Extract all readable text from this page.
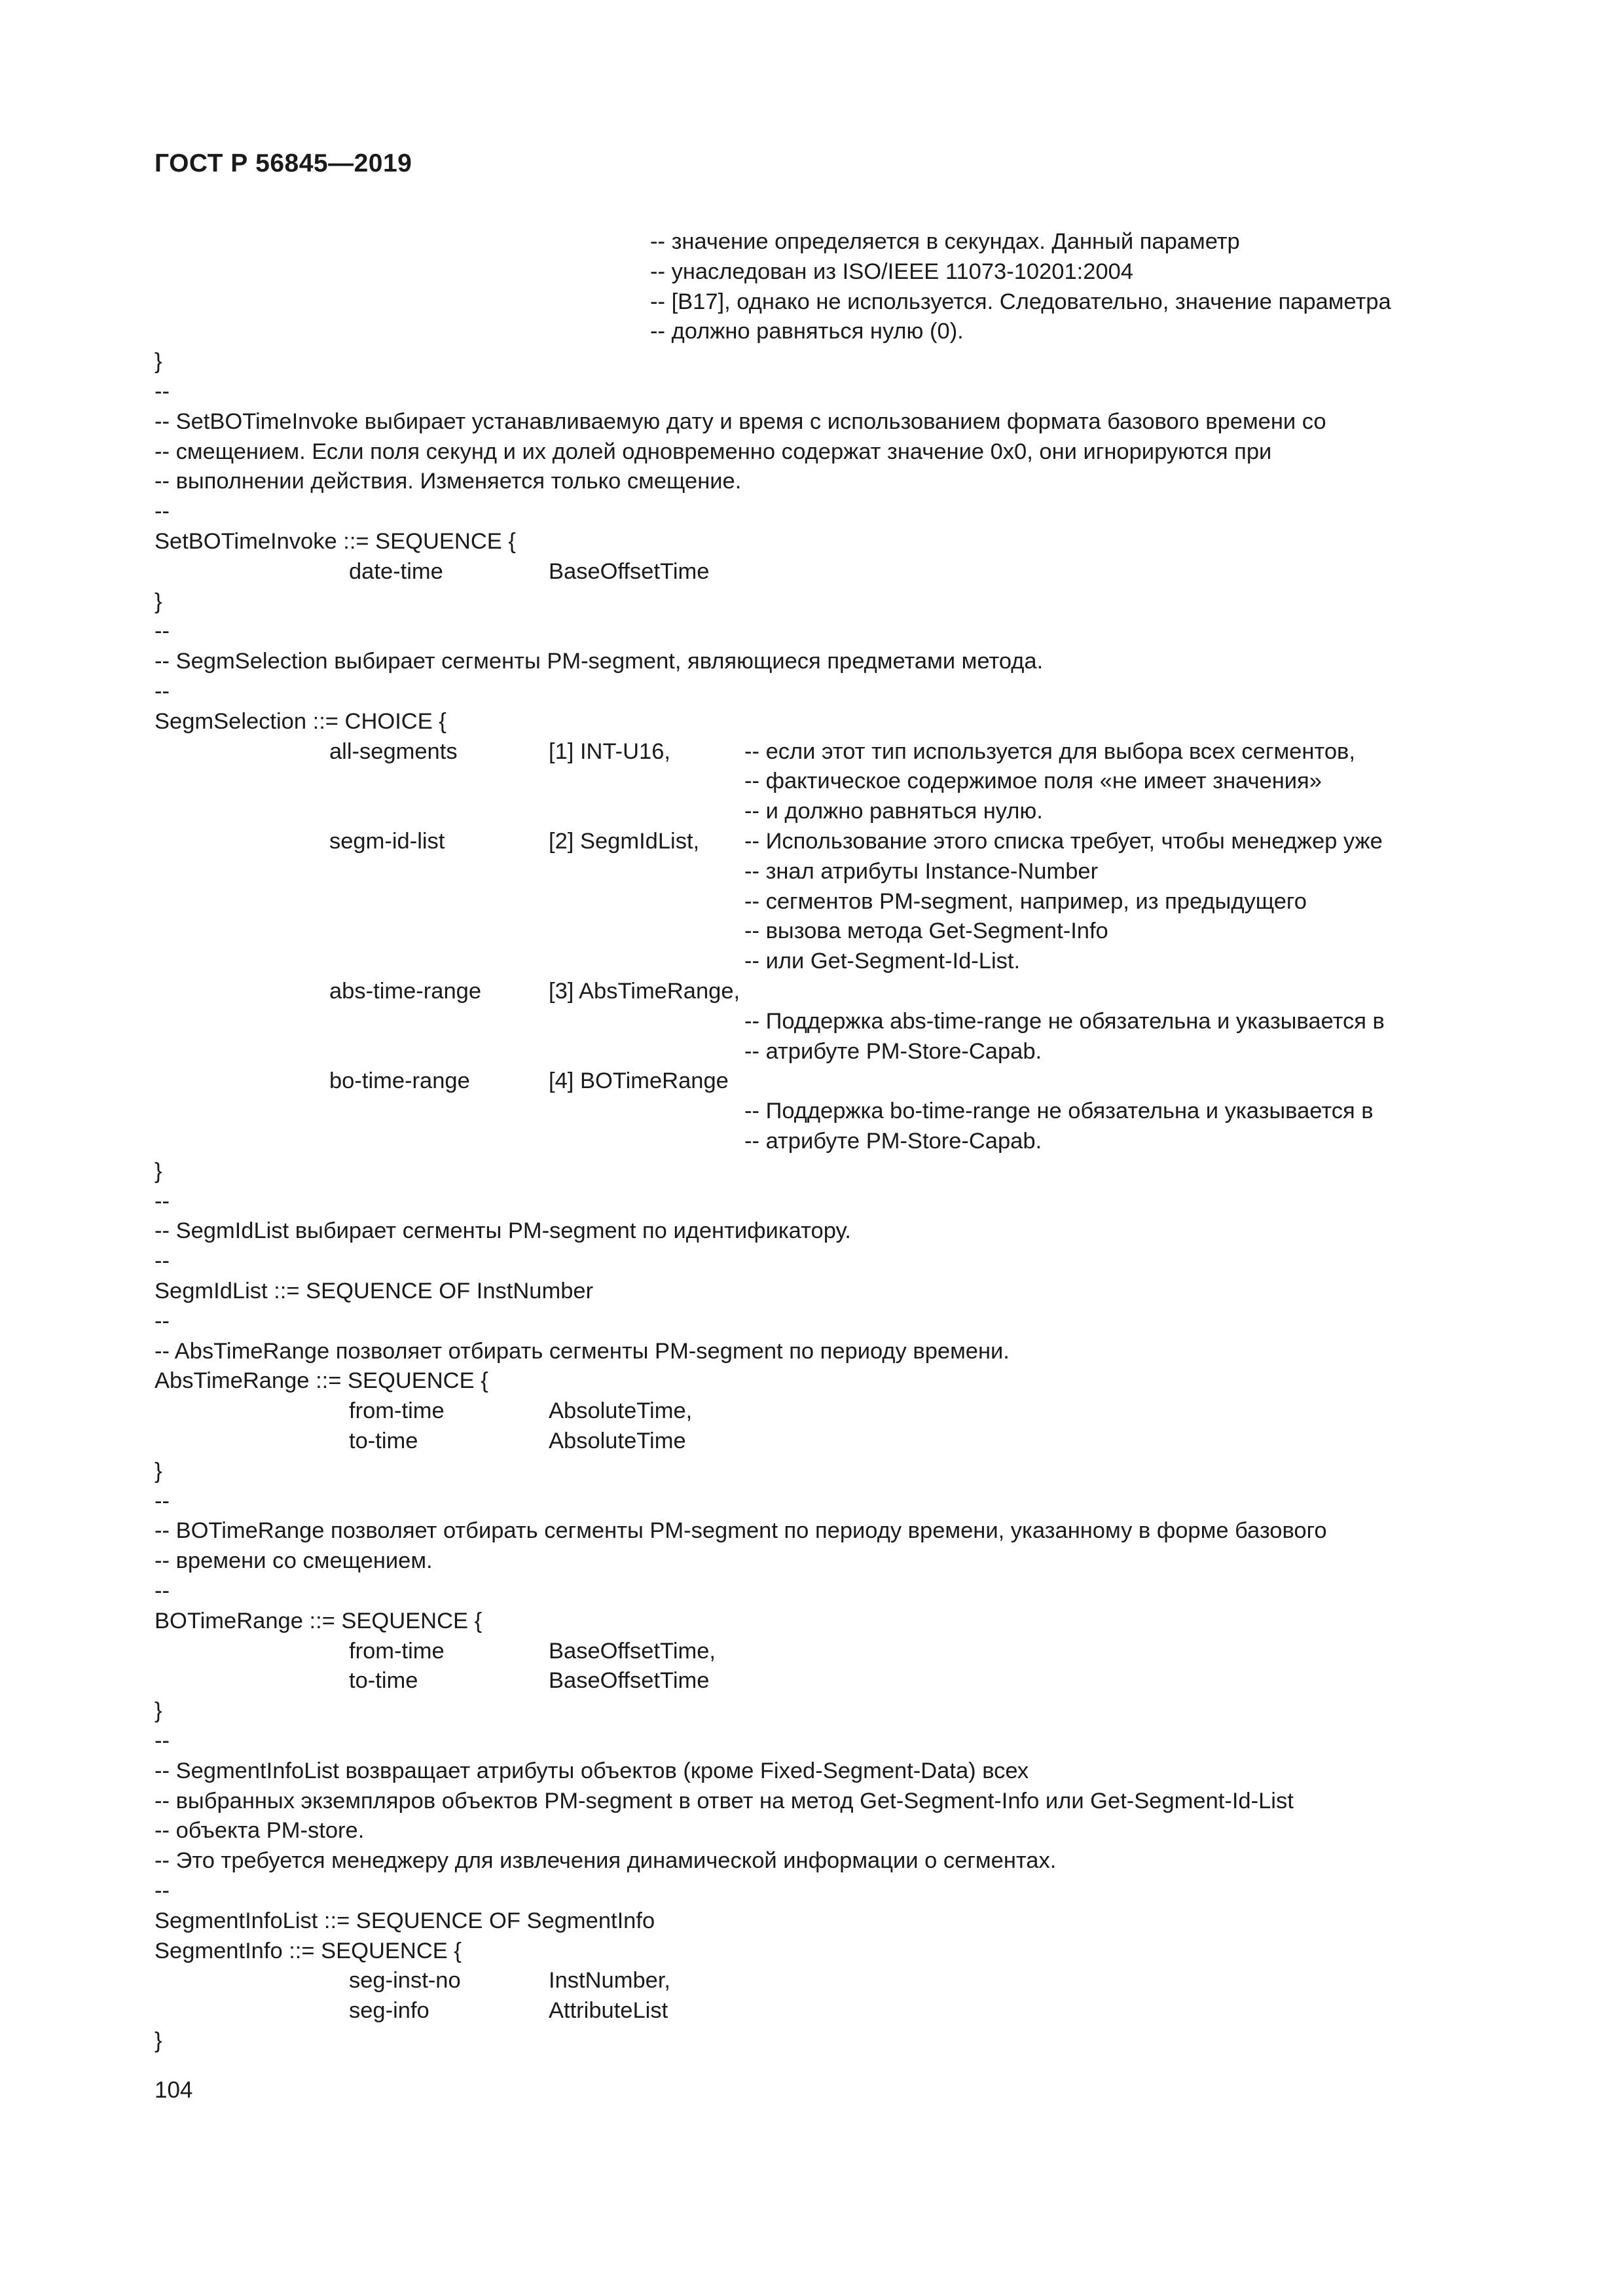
ГОСТ Р 56845—2019
-- значение определяется в секундах. Данный параметр
-- унаследован из ISO/IEEE 11073-10201:2004
-- [B17], однако не используется. Следовательно, значение параметра
-- должно равняться нулю (0).
}
--
-- SetBOTimeInvoke выбирает устанавливаемую дату и время с использованием формата базового времени со
-- смещением. Если поля секунд и их долей одновременно содержат значение 0x0, они игнорируются при
-- выполнении действия. Изменяется только смещение.
--
SetBOTimeInvoke ::= SEQUENCE {
date-time	BaseOffsetTime
}
--
-- SegmSelection выбирает сегменты PM-segment, являющиеся предметами метода.
--
SegmSelection ::= CHOICE {
all-segments	[1] INT-U16,	-- если этот тип используется для выбора всех сегментов,
-- фактическое содержимое поля «не имеет значения»
-- и должно равняться нулю.
segm-id-list	[2] SegmIdList, -- Использование этого списка требует, чтобы менеджер уже
-- знал атрибуты Instance-Number
-- сегментов PM-segment, например, из предыдущего
-- вызова метода Get-Segment-Info
-- или Get-Segment-Id-List.
abs-time-range	[3] AbsTimeRange,
-- Поддержка abs-time-range не обязательна и указывается в
-- атрибуте PM-Store-Capab.
bo-time-range	[4] BOTimeRange
-- Поддержка bo-time-range не обязательна и указывается в
-- атрибуте PM-Store-Capab.
}
--
-- SegmIdList выбирает сегменты PM-segment по идентификатору.
--
SegmIdList ::= SEQUENCE OF InstNumber
--
-- AbsTimeRange позволяет отбирать сегменты PM-segment по периоду времени.
AbsTimeRange ::= SEQUENCE {
from-time	AbsoluteTime,
to-time	AbsoluteTime
}
--
-- BOTimeRange позволяет отбирать сегменты PM-segment по периоду времени, указанному в форме базового
-- времени со смещением.
--
BOTimeRange ::= SEQUENCE {
from-time	BaseOffsetTime,
to-time	BaseOffsetTime
}
--
-- SegmentInfoList возвращает атрибуты объектов (кроме Fixed-Segment-Data) всех
-- выбранных экземпляров объектов PM-segment в ответ на метод Get-Segment-Info или Get-Segment-Id-List
-- объекта PM-store.
-- Это требуется менеджеру для извлечения динамической информации о сегментах.
--
SegmentInfoList ::= SEQUENCE OF SegmentInfo
SegmentInfo ::= SEQUENCE {
seg-inst-no	InstNumber,
seg-info	AttributeList
}
104
